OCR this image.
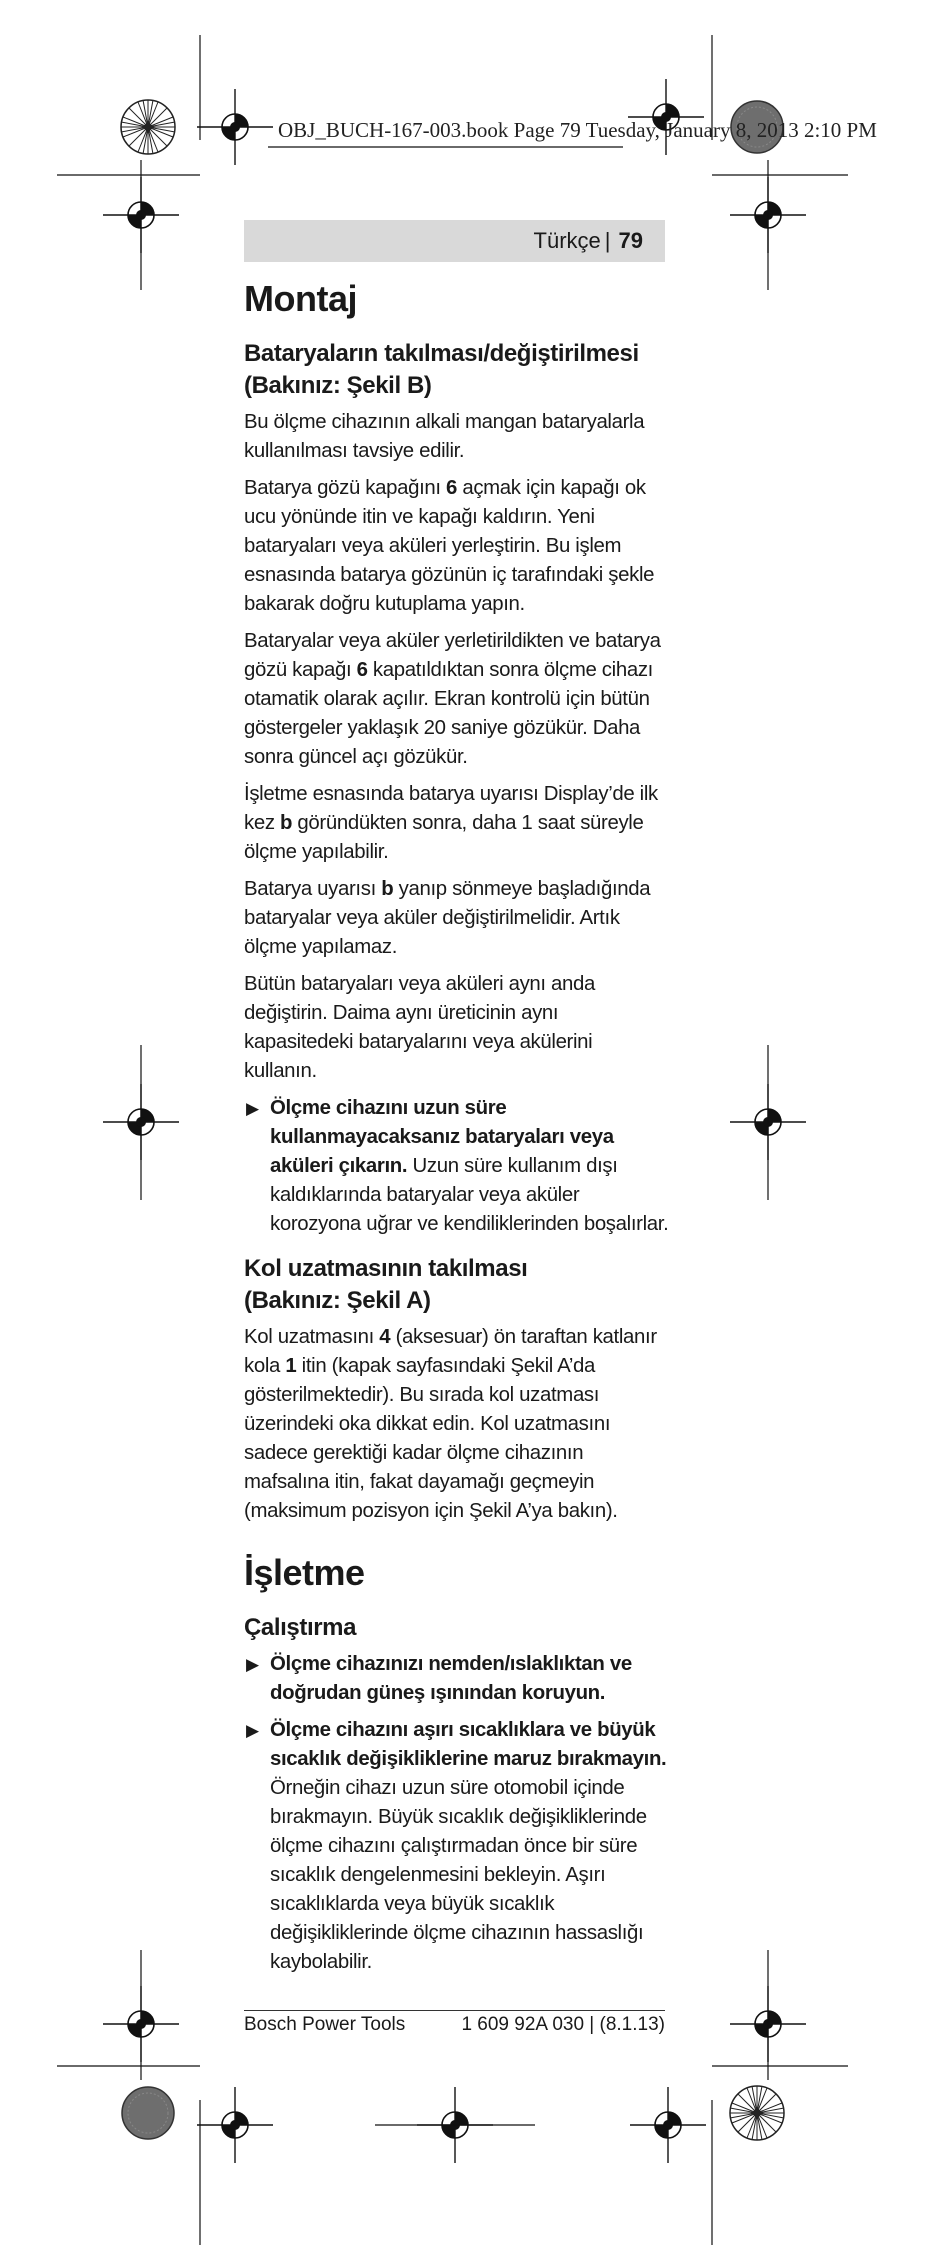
OBJ_BUCH-167-003.book Page 79 Tuesday, January 8, 2013 2:10 PM
Türkçe | 79
Montaj
Bataryaların takılması/değiştirilmesi
(Bakınız: Şekil B)

Bu ölçme cihazının alkali mangan bataryalarla kullanılması tavsiye edilir.

Batarya gözü kapağını 6 açmak için kapağı ok ucu yönünde itin ve kapağı kaldırın. Yeni bataryaları veya aküleri yerleştirin. Bu işlem esnasında batarya gözünün iç tarafındaki şekle bakarak doğru kutuplama yapın.

Bataryalar veya aküler yerletirildikten ve batarya gözü kapağı 6 kapatıldıktan sonra ölçme cihazı otamatik olarak açılır. Ekran kontrolü için bütün göstergeler yaklaşık 20 saniye gözükür. Daha sonra güncel açı gözükür.

İşletme esnasında batarya uyarısı Display’de ilk kez b göründükten sonra, daha 1 saat süreyle ölçme yapılabilir.

Batarya uyarısı b yanıp sönmeye başladığında bataryalar veya aküler değiştirilmelidir. Artık ölçme yapılamaz.

Bütün bataryaları veya aküleri aynı anda değiştirin. Daima aynı üreticinin aynı kapasitedeki bataryalarını veya akülerini kullanın.

▶ Ölçme cihazını uzun süre kullanmayacaksanız bataryaları veya aküleri çıkarın. Uzun süre kullanım dışı kaldıklarında bataryalar veya aküler korozyona uğrar ve kendiliklerinden boşalırlar.
Kol uzatmasının takılması
(Bakınız: Şekil A)

Kol uzatmasını 4 (aksesuar) ön taraftan katlanır kola 1 itin (kapak sayfasındaki Şekil A’da gösterilmektedir). Bu sırada kol uzatması üzerindeki oka dikkat edin. Kol uzatmasını sadece gerektiği kadar ölçme cihazının mafsalına itin, fakat dayamağı geçmeyin (maksimum pozisyon için Şekil A’ya bakın).

İşletme
Çalıştırma
▶ Ölçme cihazınızı nemden/ıslaklıktan ve doğrudan güneş ışınından koruyun.
▶ Ölçme cihazını aşırı sıcaklıklara ve büyük sıcaklık değişikliklerine maruz bırakmayın. Örneğin cihazı uzun süre otomobil içinde bırakmayın. Büyük sıcaklık değişikliklerinde ölçme cihazını çalıştırmadan önce bir süre sıcaklık dengelenmesini bekleyin. Aşırı sıcaklıklarda veya büyük sıcaklık değişikliklerinde ölçme cihazının hassaslığı kaybolabilir.
Bosch Power Tools	1 609 92A 030 | (8.1.13)
